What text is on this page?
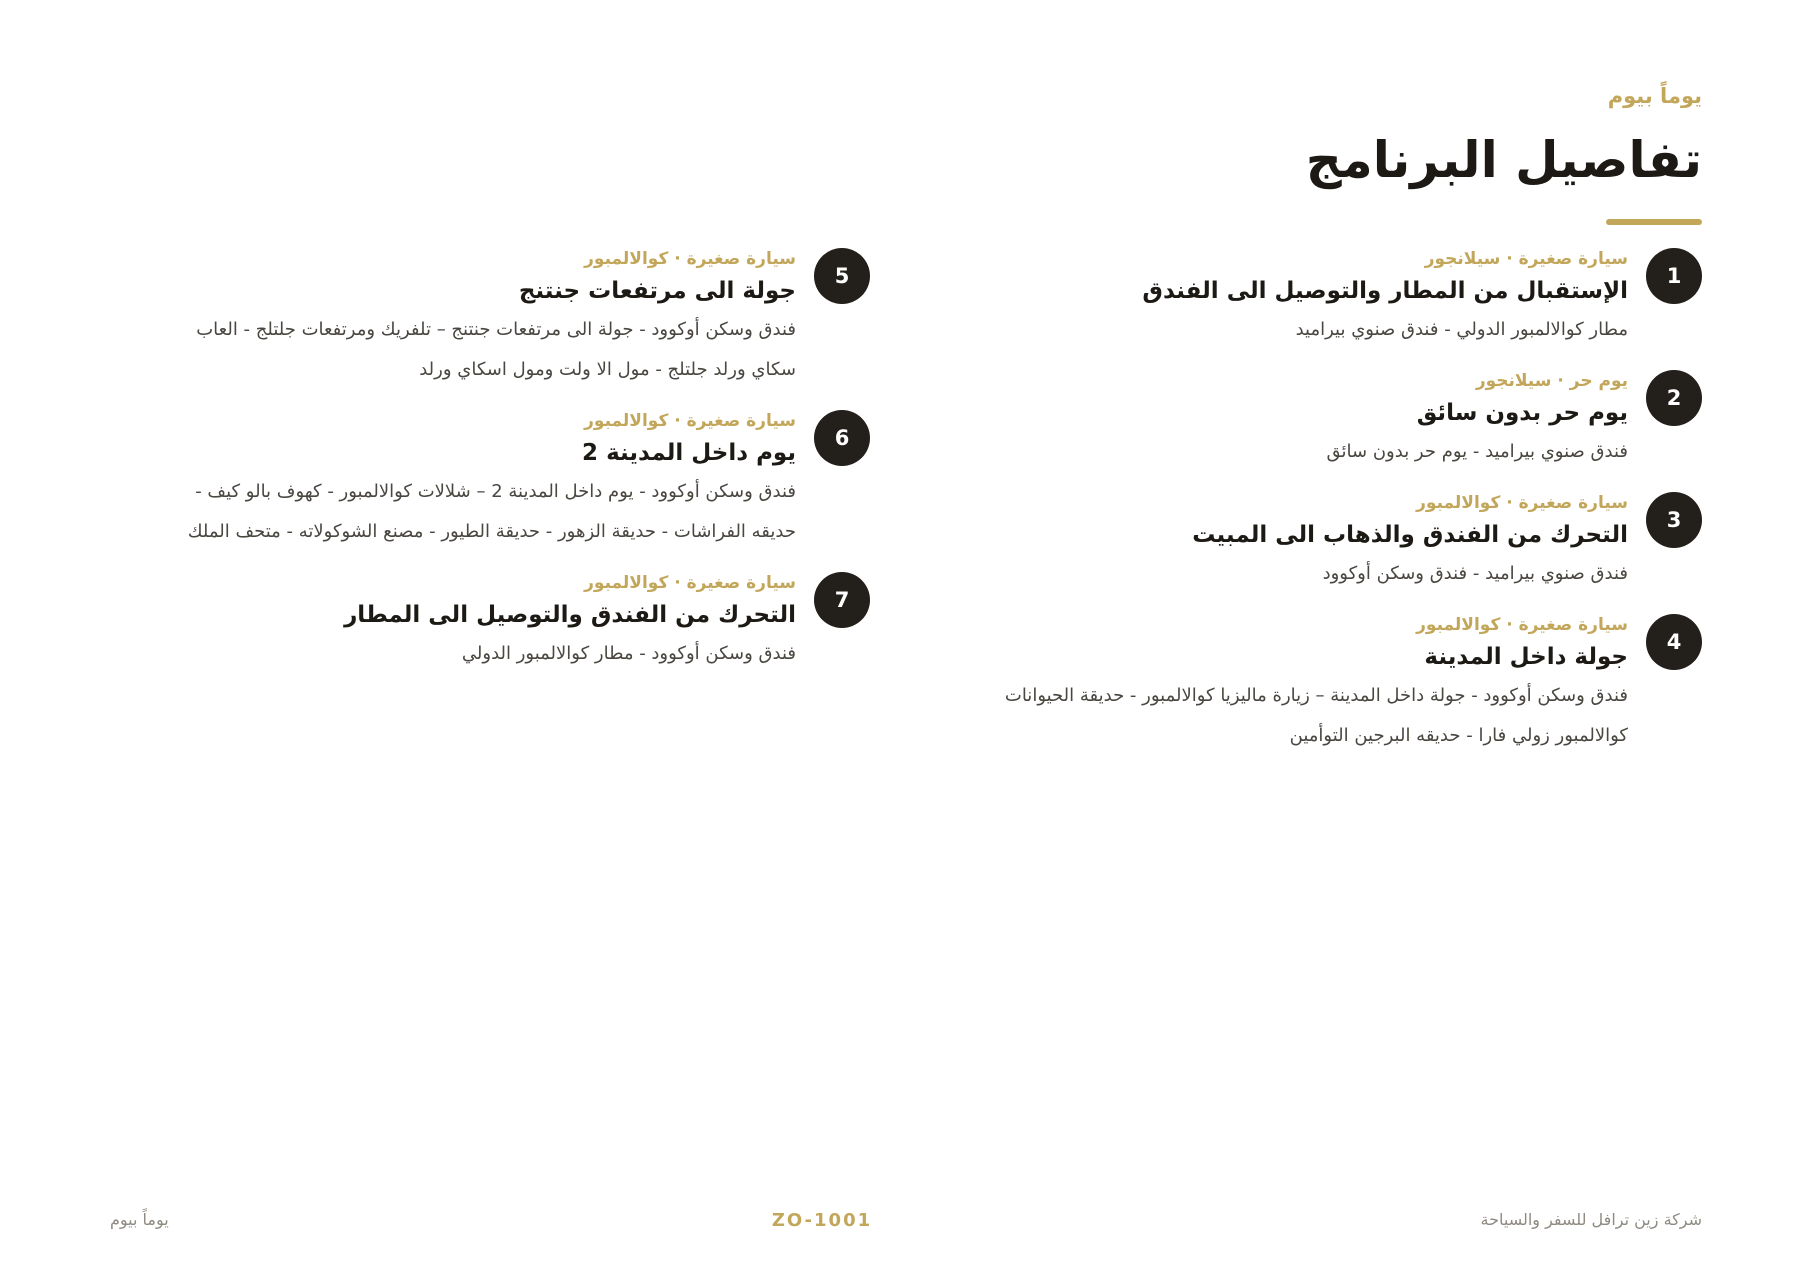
يوماً بيوم
تفاصيل البرنامج
1
سيارة صغيرة · سيلانجور
الإستقبال من المطار والتوصيل الى الفندق
مطار كوالالمبور الدولي - فندق صنوي بيراميد
2
يوم حر · سيلانجور
يوم حر بدون سائق
فندق صنوي بيراميد - يوم حر بدون سائق
3
سيارة صغيرة · كوالالمبور
التحرك من الفندق والذهاب الى المبيت
فندق صنوي بيراميد - فندق وسكن أوكوود
4
سيارة صغيرة · كوالالمبور
جولة داخل المدينة
فندق وسكن أوكوود - جولة داخل المدينة – زيارة ماليزيا كوالالمبور - حديقة الحيوانات كوالالمبور زولي فارا - حديقه البرجين التوأمين
5
سيارة صغيرة · كوالالمبور
جولة الى مرتفعات جنتنج
فندق وسكن أوكوود - جولة الى مرتفعات جنتنج – تلفريك ومرتفعات جلتلج - العاب سكاي ورلد جلتلج - مول الا ولت ومول اسكاي ورلد
6
سيارة صغيرة · كوالالمبور
يوم داخل المدينة 2
فندق وسكن أوكوود - يوم داخل المدينة 2 – شلالات كوالالمبور - كهوف بالو كيف - حديقه الفراشات - حديقة الزهور - حديقة الطيور - مصنع الشوكولاته - متحف الملك
7
سيارة صغيرة · كوالالمبور
التحرك من الفندق والتوصيل الى المطار
فندق وسكن أوكوود - مطار كوالالمبور الدولي
شركة زين ترافل للسفر والسياحة
ZO-1001
يوماً بيوم
